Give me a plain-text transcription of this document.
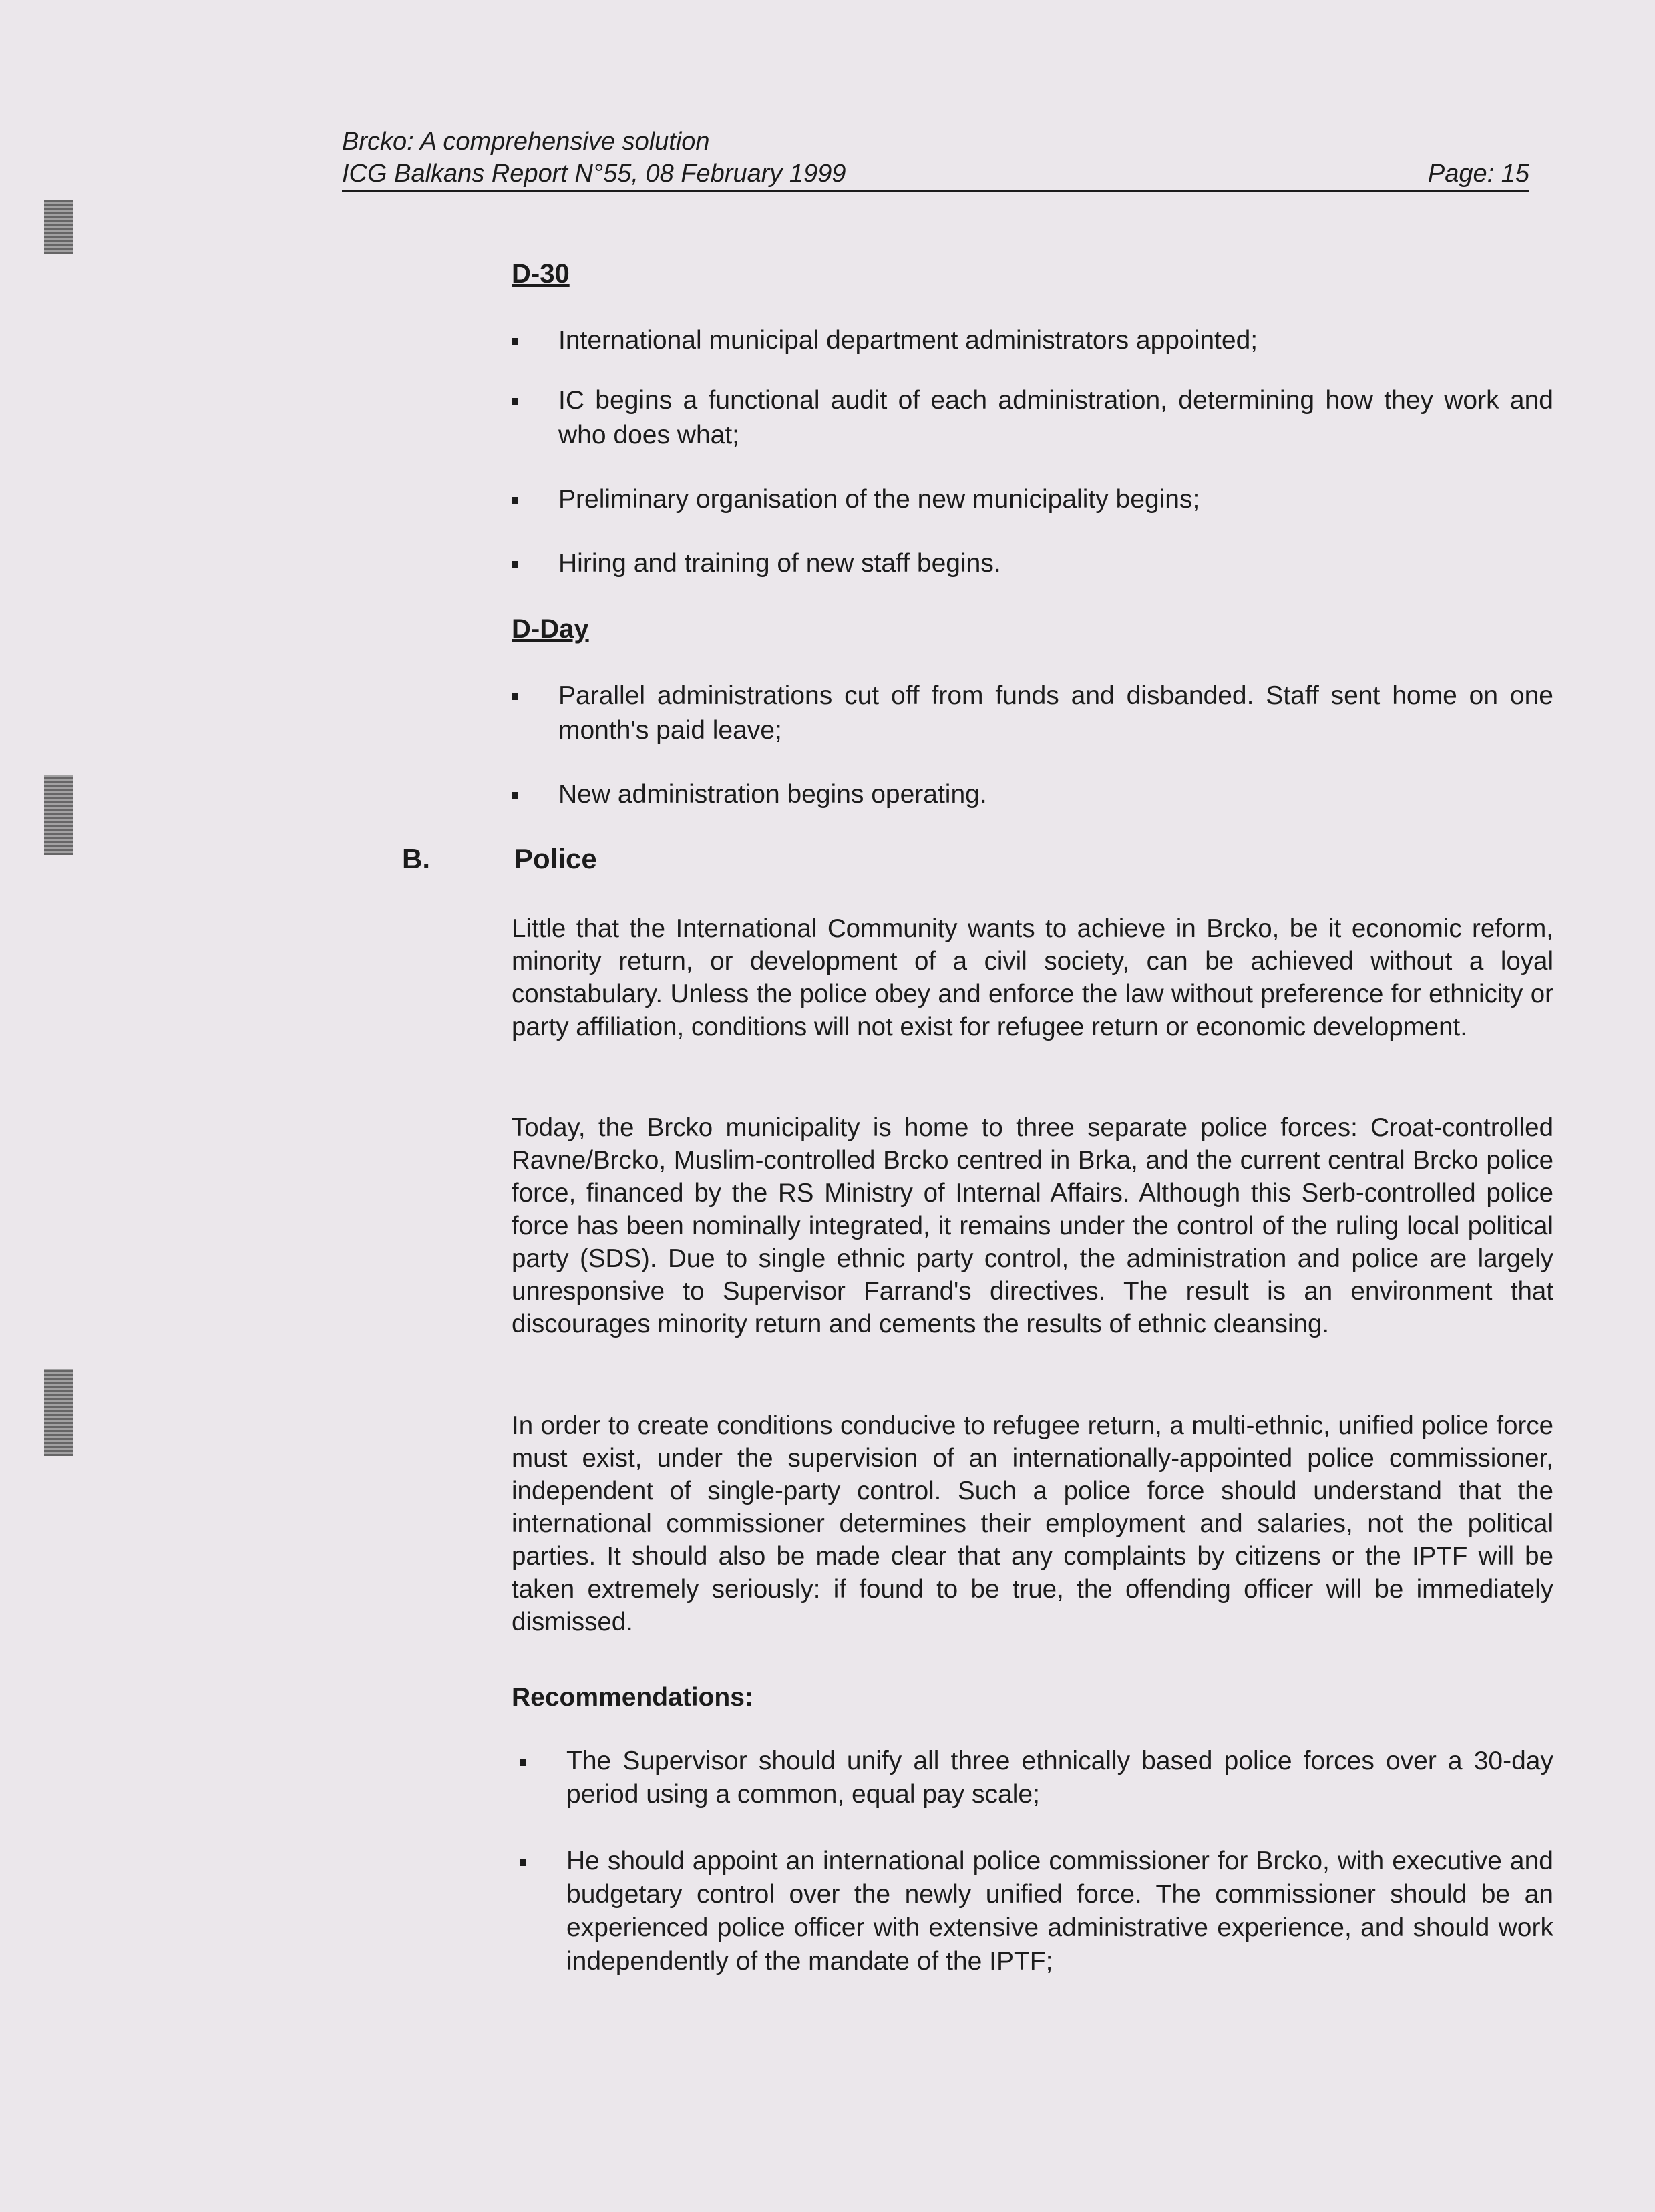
Brcko: A comprehensive solution
ICG Balkans Report N°55, 08 February 1999	Page: 15
D-30
International municipal department administrators appointed;
IC begins a functional audit of each administration, determining how they work and who does what;
Preliminary organisation of the new municipality begins;
Hiring and training of new staff begins.
D-Day
Parallel administrations cut off from funds and disbanded. Staff sent home on one month's paid leave;
New administration begins operating.
B.	Police
Little that the International Community wants to achieve in Brcko, be it economic reform, minority return, or development of a civil society, can be achieved without a loyal constabulary. Unless the police obey and enforce the law without preference for ethnicity or party affiliation, conditions will not exist for refugee return or economic development.
Today, the Brcko municipality is home to three separate police forces: Croat-controlled Ravne/Brcko, Muslim-controlled Brcko centred in Brka, and the current central Brcko police force, financed by the RS Ministry of Internal Affairs. Although this Serb-controlled police force has been nominally integrated, it remains under the control of the ruling local political party (SDS). Due to single ethnic party control, the administration and police are largely unresponsive to Supervisor Farrand's directives. The result is an environment that discourages minority return and cements the results of ethnic cleansing.
In order to create conditions conducive to refugee return, a multi-ethnic, unified police force must exist, under the supervision of an internationally-appointed police commissioner, independent of single-party control. Such a police force should understand that the international commissioner determines their employment and salaries, not the political parties. It should also be made clear that any complaints by citizens or the IPTF will be taken extremely seriously: if found to be true, the offending officer will be immediately dismissed.
Recommendations:
The Supervisor should unify all three ethnically based police forces over a 30-day period using a common, equal pay scale;
He should appoint an international police commissioner for Brcko, with executive and budgetary control over the newly unified force. The commissioner should be an experienced police officer with extensive administrative experience, and should work independently of the mandate of the IPTF;
